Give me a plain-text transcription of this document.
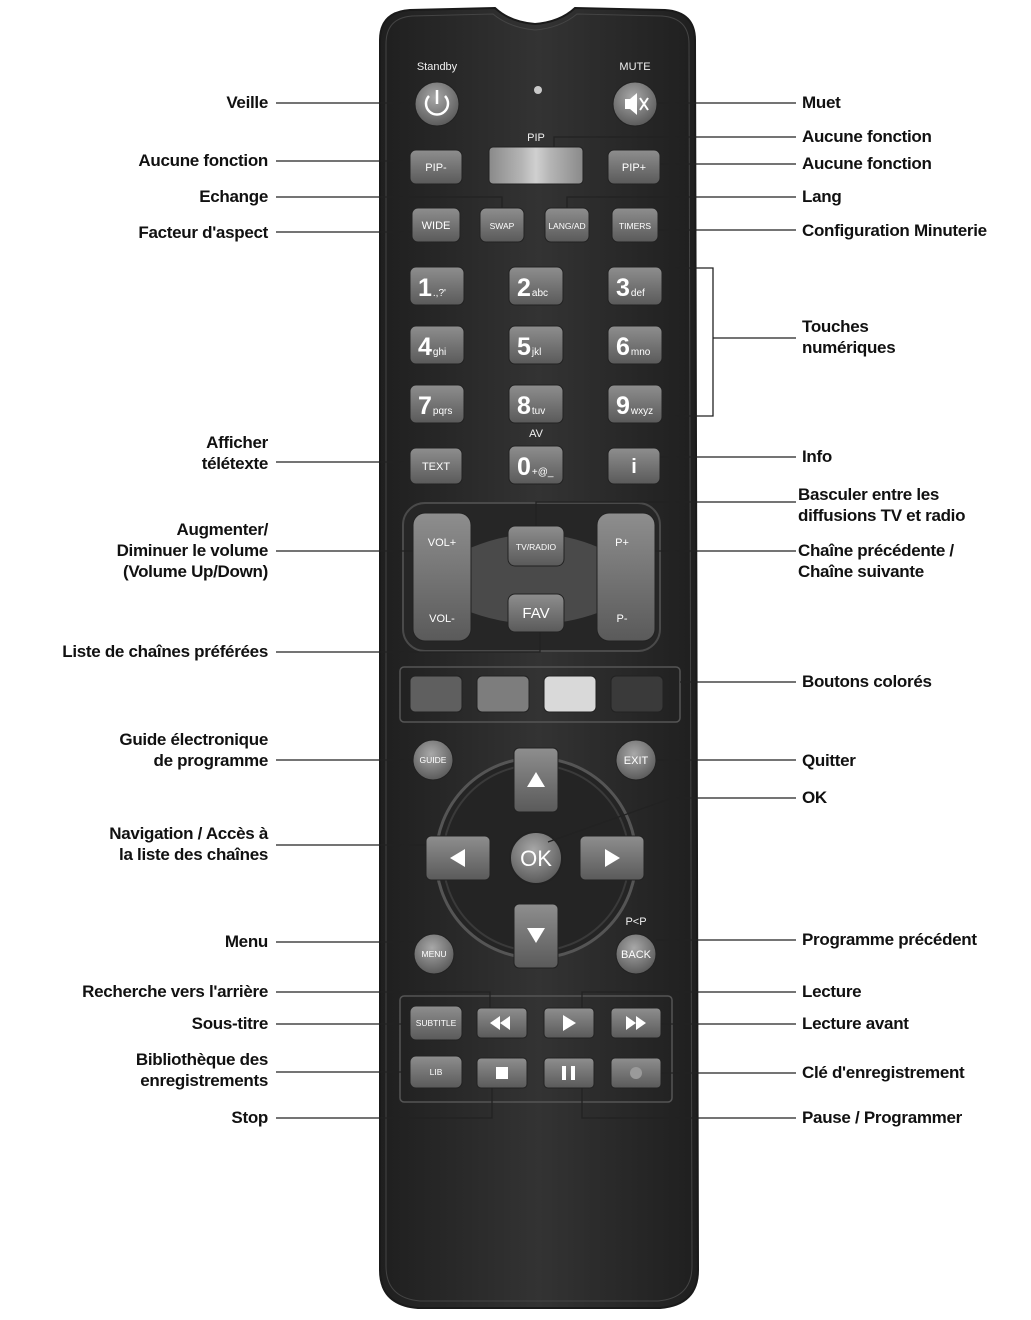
Standby	MUTE
PIP
AV
P<P
PIP-	PIP+
WIDE	SWAP	LANG/AD	TIMERS
1.,?'	2abc	3def
4ghi	5jkl	6mno
7pqrs	8tuv	9wxyz
0+@_
TEXT	i
VOL+
VOL-
P+
P-
TV/RADIO
FAV
GUIDE	EXIT
OK
MENU	BACK
SUBTITLE
LIB
Veille
Aucune fonction
Echange
Facteur d'aspect
Afficher
télétexte
Augmenter/
Diminuer le volume
(Volume Up/Down)
Liste de chaînes préférées
Guide électronique
de programme
Navigation / Accès à
la liste des chaînes
Menu
Recherche vers l'arrière
Sous-titre
Bibliothèque des
enregistrements
Stop
Muet
Aucune fonction
Aucune fonction
Lang
Configuration Minuterie
Touches
numériques
Info
Basculer entre les
diffusions TV et radio
Chaîne précédente /
Chaîne suivante
Boutons colorés
Quitter
OK
Programme précédent
Lecture
Lecture avant
Clé d'enregistrement
Pause / Programmer
